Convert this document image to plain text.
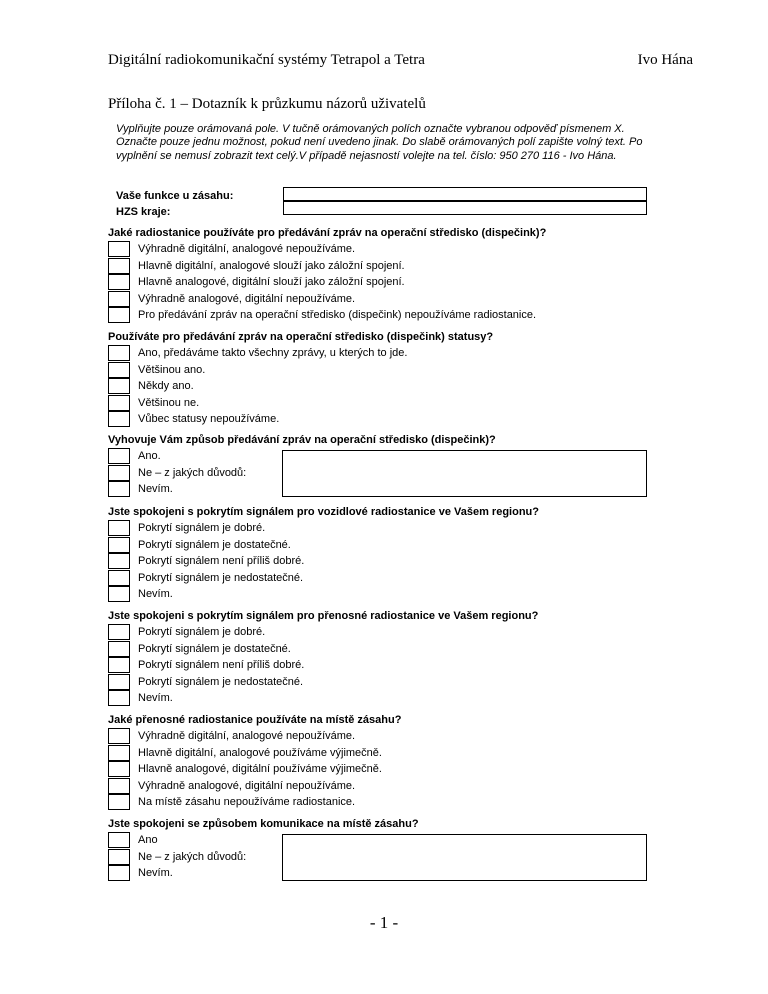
Digitální radiokomunikační systémy Tetrapol a Tetra	Ivo Hána
Příloha č. 1 – Dotazník k průzkumu názorů uživatelů
Vyplňujte pouze orámovaná pole. V tučně orámovaných polích označte vybranou odpověď písmenem X. Označte pouze jednu možnost, pokud není uvedeno jinak. Do slabě orámovaných polí zapište volný text. Po vyplnění se nemusí zobrazit text celý.V případě nejasností volejte na tel. číslo: 950 270 116 - Ivo Hána.
Vaše funkce u zásahu:
HZS kraje:
Jaké radiostanice používáte pro předávání zpráv na operační středisko (dispečink)?
Výhradně digitální, analogové nepoužíváme.
Hlavně digitální, analogové slouží jako záložní spojení.
Hlavně analogové, digitální slouží jako záložní spojení.
Výhradně analogové, digitální nepoužíváme.
Pro předávání zpráv na operační středisko (dispečink) nepoužíváme radiostanice.
Používáte pro předávání zpráv na operační středisko (dispečink) statusy?
Ano, předáváme takto všechny zprávy, u kterých to jde.
Většinou ano.
Někdy ano.
Většinou ne.
Vůbec statusy nepoužíváme.
Vyhovuje Vám způsob předávání zpráv na operační středisko (dispečink)?
Ano.
Ne – z jakých důvodů:
Nevím.
Jste spokojeni s pokrytím signálem pro vozidlové radiostanice ve Vašem regionu?
Pokrytí signálem je dobré.
Pokrytí signálem je dostatečné.
Pokrytí signálem není příliš dobré.
Pokrytí signálem je nedostatečné.
Nevím.
Jste spokojeni s pokrytím signálem pro přenosné radiostanice ve Vašem regionu?
Pokrytí signálem je dobré.
Pokrytí signálem je dostatečné.
Pokrytí signálem není příliš dobré.
Pokrytí signálem je nedostatečné.
Nevím.
Jaké přenosné radiostanice používáte na místě zásahu?
Výhradně digitální, analogové nepoužíváme.
Hlavně digitální, analogové používáme výjimečně.
Hlavně analogové, digitální používáme výjimečně.
Výhradně analogové, digitální nepoužíváme.
Na místě zásahu nepoužíváme radiostanice.
Jste spokojeni se způsobem komunikace na místě zásahu?
Ano
Ne – z jakých důvodů:
Nevím.
- 1 -
